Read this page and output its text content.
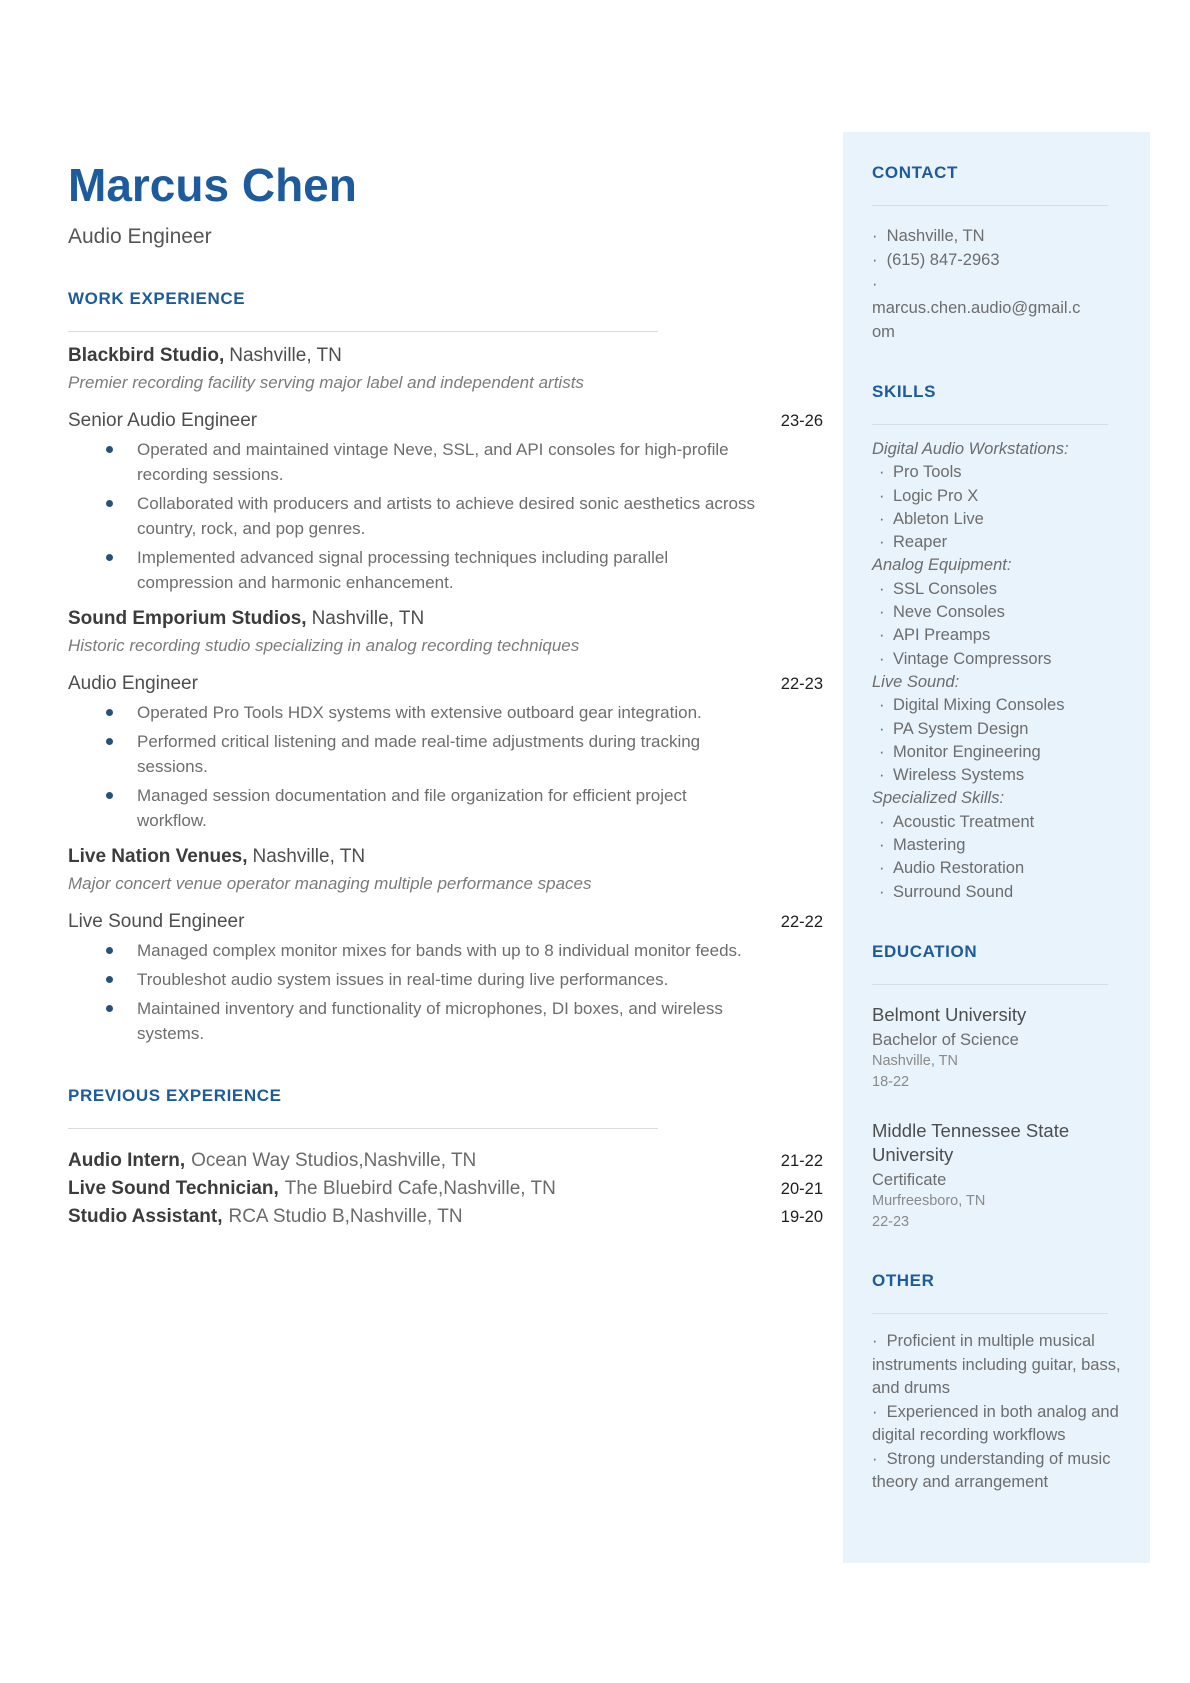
Marcus Chen
Audio Engineer
WORK EXPERIENCE
Blackbird Studio, Nashville, TN
Premier recording facility serving major label and independent artists
Senior Audio Engineer	23-26
Operated and maintained vintage Neve, SSL, and API consoles for high-profile recording sessions.
Collaborated with producers and artists to achieve desired sonic aesthetics across country, rock, and pop genres.
Implemented advanced signal processing techniques including parallel compression and harmonic enhancement.
Sound Emporium Studios, Nashville, TN
Historic recording studio specializing in analog recording techniques
Audio Engineer	22-23
Operated Pro Tools HDX systems with extensive outboard gear integration.
Performed critical listening and made real-time adjustments during tracking sessions.
Managed session documentation and file organization for efficient project workflow.
Live Nation Venues, Nashville, TN
Major concert venue operator managing multiple performance spaces
Live Sound Engineer	22-22
Managed complex monitor mixes for bands with up to 8 individual monitor feeds.
Troubleshot audio system issues in real-time during live performances.
Maintained inventory and functionality of microphones, DI boxes, and wireless systems.
PREVIOUS EXPERIENCE
Audio Intern, Ocean Way Studios,Nashville, TN	21-22
Live Sound Technician, The Bluebird Cafe,Nashville, TN	20-21
Studio Assistant, RCA Studio B,Nashville, TN	19-20
CONTACT
· Nashville, TN
· (615) 847-2963
· marcus.chen.audio@gmail.com
SKILLS
Digital Audio Workstations:
· Pro Tools
· Logic Pro X
· Ableton Live
· Reaper
Analog Equipment:
· SSL Consoles
· Neve Consoles
· API Preamps
· Vintage Compressors
Live Sound:
· Digital Mixing Consoles
· PA System Design
· Monitor Engineering
· Wireless Systems
Specialized Skills:
· Acoustic Treatment
· Mastering
· Audio Restoration
· Surround Sound
EDUCATION
Belmont University
Bachelor of Science
Nashville, TN
18-22
Middle Tennessee State University
Certificate
Murfreesboro, TN
22-23
OTHER
· Proficient in multiple musical instruments including guitar, bass, and drums
· Experienced in both analog and digital recording workflows
· Strong understanding of music theory and arrangement
